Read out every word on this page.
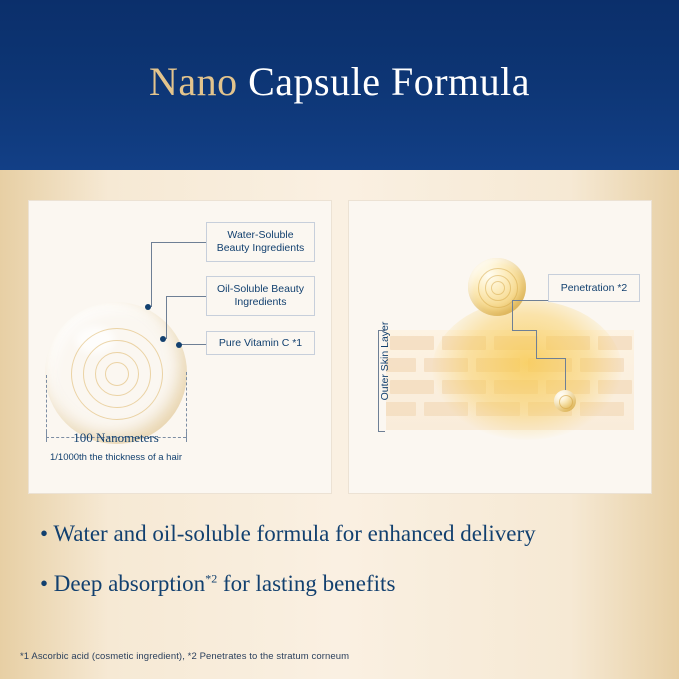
Nano Capsule Formula
Water-Soluble Beauty Ingredients
Oil-Soluble Beauty Ingredients
Pure Vitamin C *1
100 Nanometers
1/1000th the thickness of a hair
Penetration *2
Outer Skin Layer
• Water and oil-soluble formula for enhanced delivery
• Deep absorption$^{*2}$ for lasting benefits
*1 Ascorbic acid (cosmetic ingredient), *2 Penetrates to the stratum corneum
